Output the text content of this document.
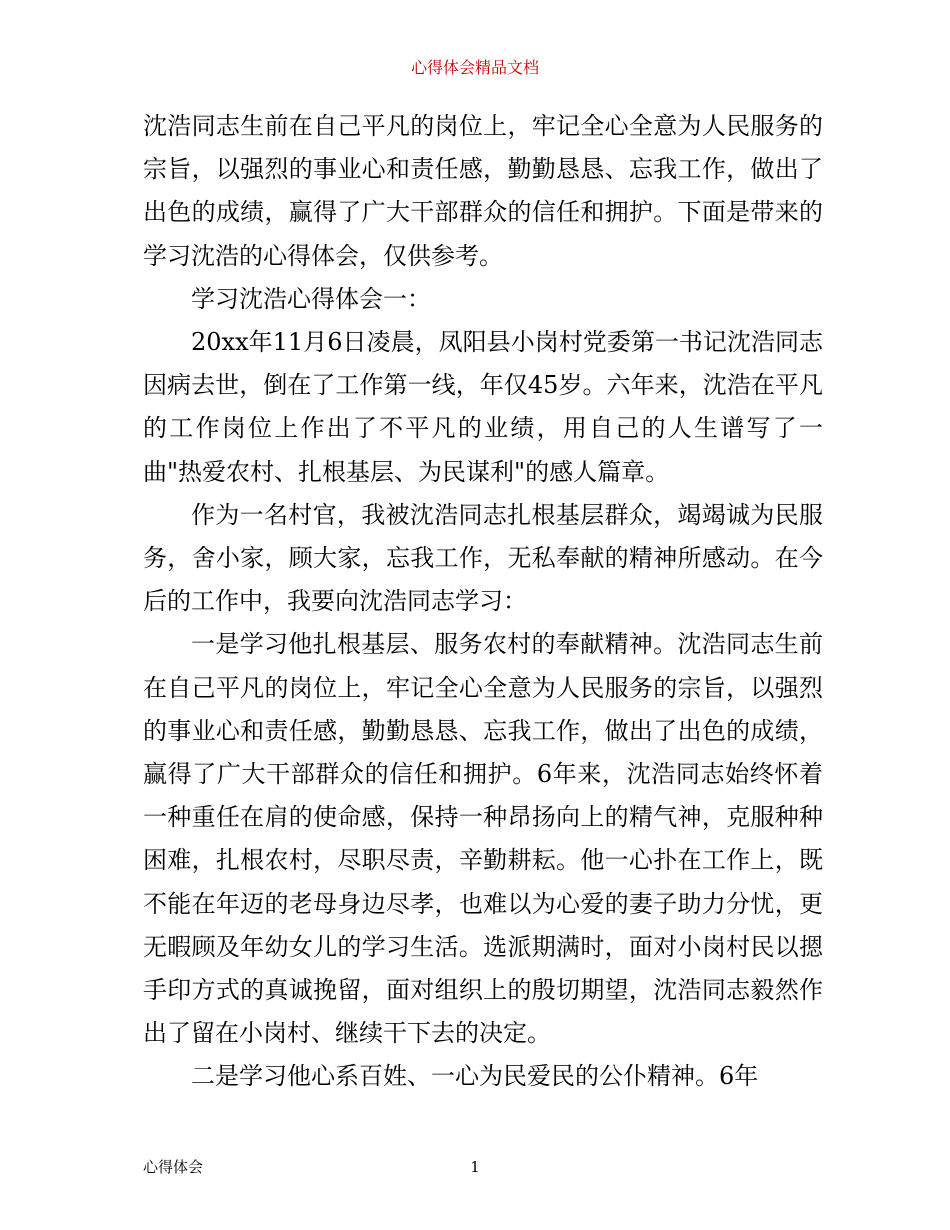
心得体会精品文档

沈浩同志生前在自己平凡的岗位上，牢记全心全意为人民服务的宗旨，以强烈的事业心和责任感，勤勤恳恳、忘我工作，做出了出色的成绩，赢得了广大干部群众的信任和拥护。下面是带来的学习沈浩的心得体会，仅供参考。

学习沈浩心得体会一：

20xx年11月6日凌晨，凤阳县小岗村党委第一书记沈浩同志因病去世，倒在了工作第一线，年仅45岁。六年来，沈浩在平凡的工作岗位上作出了不平凡的业绩，用自己的人生谱写了一曲"热爱农村、扎根基层、为民谋利"的感人篇章。

作为一名村官，我被沈浩同志扎根基层群众，竭竭诚为民服务，舍小家，顾大家，忘我工作，无私奉献的精神所感动。在今后的工作中，我要向沈浩同志学习：

一是学习他扎根基层、服务农村的奉献精神。沈浩同志生前在自己平凡的岗位上，牢记全心全意为人民服务的宗旨，以强烈的事业心和责任感，勤勤恳恳、忘我工作，做出了出色的成绩，赢得了广大干部群众的信任和拥护。6年来，沈浩同志始终怀着一种重任在肩的使命感，保持一种昂扬向上的精气神，克服种种困难，扎根农村，尽职尽责，辛勤耕耘。他一心扑在工作上，既不能在年迈的老母身边尽孝，也难以为心爱的妻子助力分忧，更无暇顾及年幼女儿的学习生活。选派期满时，面对小岗村民以摁手印方式的真诚挽留，面对组织上的殷切期望，沈浩同志毅然作出了留在小岗村、继续干下去的决定。

二是学习他心系百姓、一心为民爱民的公仆精神。6年

心得体会	1
